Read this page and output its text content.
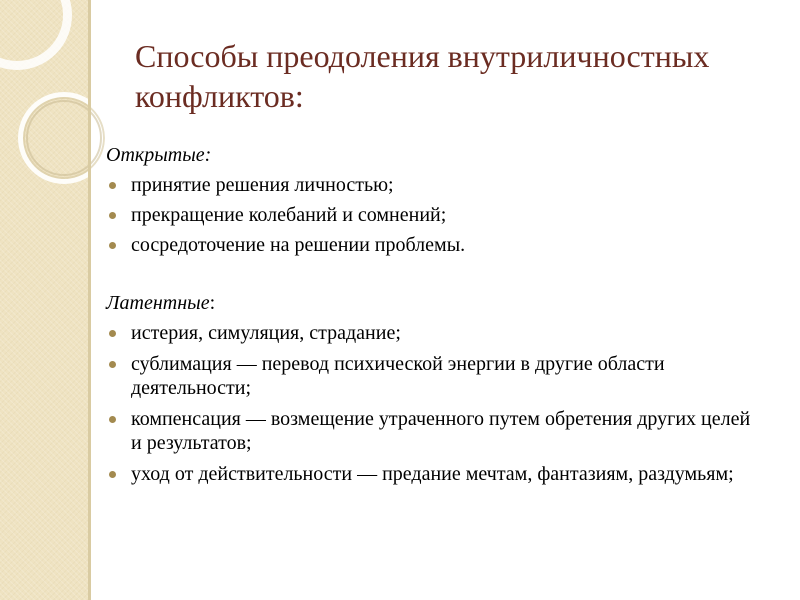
Способы преодоления внутриличностных конфликтов:
Открытые:
принятие решения личностью;
прекращение колебаний и сомнений;
сосредоточение на решении проблемы.
Латентные:
истерия, симуляция, страдание;
сублимация — перевод психической энергии в другие области деятельности;
компенсация — возмещение утраченного путем обретения других целей и результатов;
уход от действительности — предание мечтам, фантазиям, раздумьям;
